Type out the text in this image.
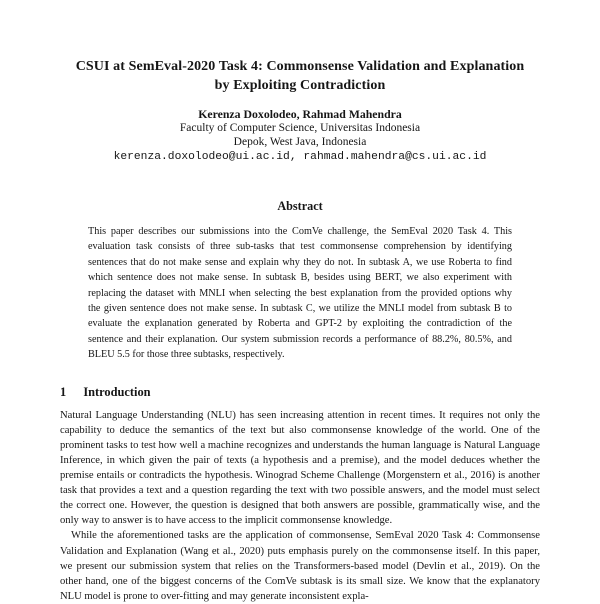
CSUI at SemEval-2020 Task 4: Commonsense Validation and Explanation
by Exploiting Contradiction
Kerenza Doxolodeo, Rahmad Mahendra
Faculty of Computer Science, Universitas Indonesia
Depok, West Java, Indonesia
kerenza.doxolodeo@ui.ac.id, rahmad.mahendra@cs.ui.ac.id
Abstract

This paper describes our submissions into the ComVe challenge, the SemEval 2020 Task 4. This evaluation task consists of three sub-tasks that test commonsense comprehension by identifying sentences that do not make sense and explain why they do not. In subtask A, we use Roberta to find which sentence does not make sense. In subtask B, besides using BERT, we also experiment with replacing the dataset with MNLI when selecting the best explanation from the provided options why the given sentence does not make sense. In subtask C, we utilize the MNLI model from subtask B to evaluate the explanation generated by Roberta and GPT-2 by exploiting the contradiction of the sentence and their explanation. Our system submission records a performance of 88.2%, 80.5%, and BLEU 5.5 for those three subtasks, respectively.

1 Introduction

Natural Language Understanding (NLU) has seen increasing attention in recent times. It requires not only the capability to deduce the semantics of the text but also commonsense knowledge of the world. One of the prominent tasks to test how well a machine recognizes and understands the human language is Natural Language Inference, in which given the pair of texts (a hypothesis and a premise), and the model deduces whether the premise entails or contradicts the hypothesis. Winograd Scheme Challenge (Morgenstern et al., 2016) is another task that provides a text and a question regarding the text with two possible answers, and the model must select the correct one. However, the question is designed that both answers are possible, grammatically wise, and the only way to answer is to have access to the implicit commonsense knowledge.

While the aforementioned tasks are the application of commonsense, SemEval 2020 Task 4: Commonsense Validation and Explanation (Wang et al., 2020) puts emphasis purely on the commonsense itself. In this paper, we present our submission system that relies on the Transformers-based model (Devlin et al., 2019). On the other hand, one of the biggest concerns of the ComVe subtask is its small size. We know that the explanatory NLU model is prone to over-fitting and may generate inconsistent expla-
